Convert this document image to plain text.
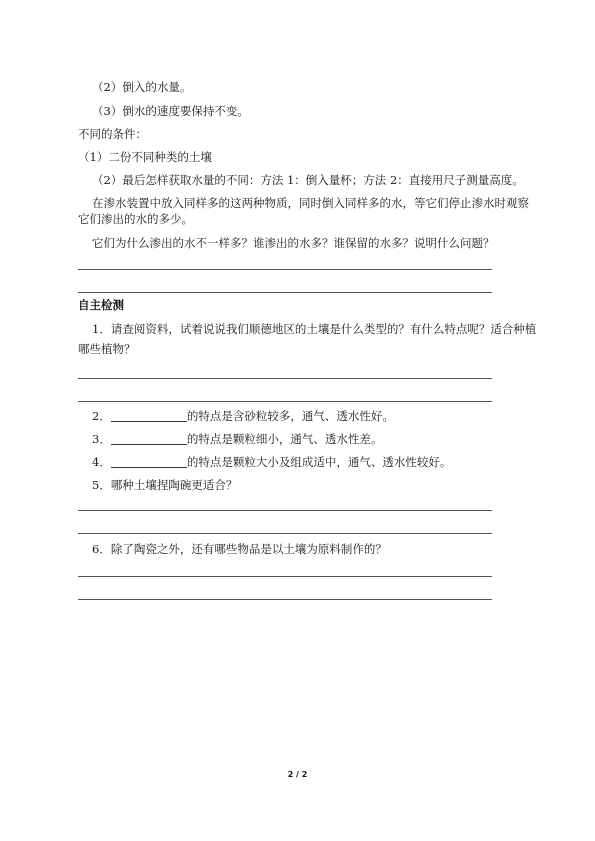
（2）倒入的水量。
（3）倒水的速度要保持不变。
不同的条件：
（1）二份不同种类的土壤
（2）最后怎样获取水量的不同：方法 1：倒入量杯；方法 2：直接用尺子测量高度。
在渗水装置中放入同样多的这两种物质，同时倒入同样多的水，等它们停止渗水时观察
它们渗出的水的多少。
它们为什么渗出的水不一样多？谁渗出的水多？谁保留的水多？说明什么问题？
自主检测
1．请查阅资料，试着说说我们顺德地区的土壤是什么类型的？有什么特点呢？适合种植
哪些植物？
2．	的特点是含砂粒较多，通气、透水性好。
3．	的特点是颗粒细小，通气、透水性差。
4．	的特点是颗粒大小及组成适中，通气、透水性较好。
5．哪种土壤捏陶碗更适合？
6．除了陶瓷之外，还有哪些物品是以土壤为原料制作的？
2 / 2
